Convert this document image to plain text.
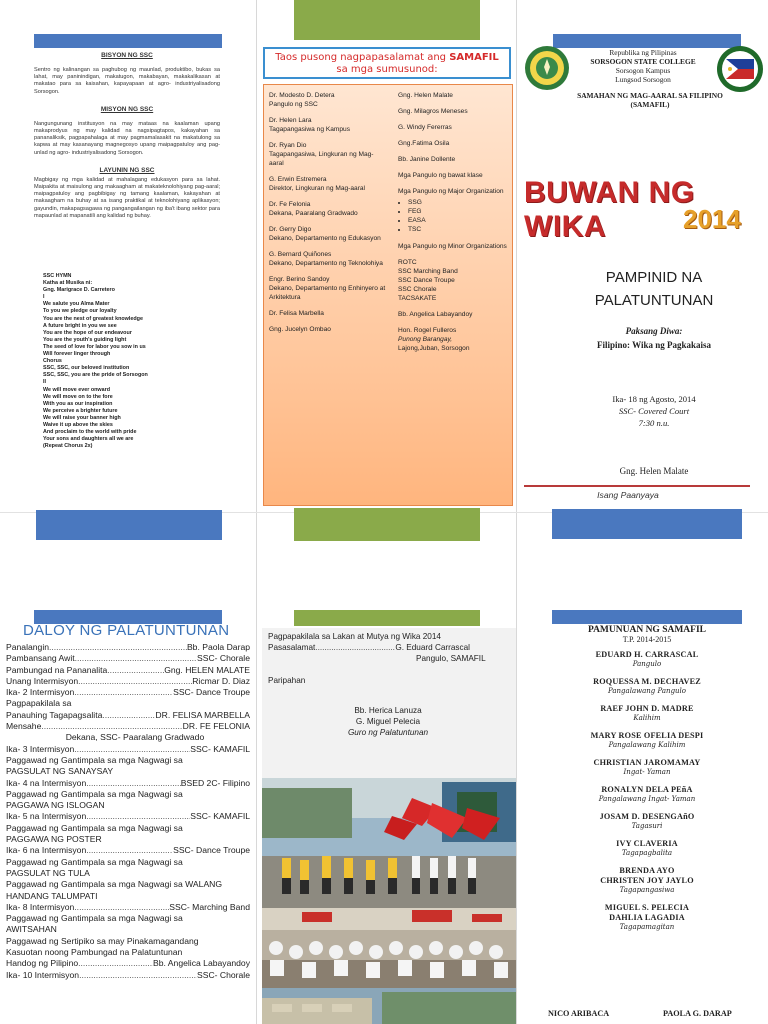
BISYON NG SSC
Sentro ng kalinangan sa paghubog ng maunlad, produktibo, bukas sa lahat, may paninindigan, makatugon, makabayan, makakalikasan at makatao para sa kaisahan, kapayapaan at agro- industriyalisadong Sorsogon.
MISYON NG SSC
Nangungunang institusyon na may mataas na kaalaman upang makaprodyus ng may kalidad na nagsipagtapos, kakayahan sa pananaliksik, pagpapahalaga at may pagmamalasakit na makatulong sa kapwa at may kasanayang magnegosyo upang maipagpatuloy ang pag- unlad ng agro- industriyalisadong Sorsogon.
LAYUNIN NG SSC
Magbigay ng mga kalidad at mahalagang edukasyon para sa lahat. Maipakita at maisulong ang makaagham at makateknolohiyang pag-aaral; maipagpatuloy ang pagbibigay ng tamang kaalaman, kakayahan at makaagham na buhay at sa isang praktikal at teknolohiyang aplikasyon; gayundin, makapagsagawa ng pangangailangan ng iba't ibang sektor para mapaunlad at mapanatili ang kalidad ng buhay.
SSC HYMN
Katha at Musika ni:
Gng. Marigrace D. Carretero
I
We salute you Alma Mater
To you we pledge our loyalty
You are the nest of greatest knowledge
A future bright in you we see
You are the hope of our endeavour
You are the youth's guiding light
The seed of love for labor you sow in us
Will forever linger through
Chorus
SSC, SSC, our beloved institution
SSC, SSC, you are the pride of Sorsogon
II
We will move ever onward
We will move on to the fore
With you as our inspiration
We perceive a brighter future
We will raise your banner high
Waive it up above the skies
And proclaim to the world with pride
Your sons and daughters all we are
(Repeat Chorus 2x)
Taos pusong nagpapasalamat ang SAMAFIL
sa mga sumusunod:
Dr. Modesto D. Detera
Pangulo ng SSC
Dr. Helen Lara
Tagapangasiwa ng Kampus
Dr. Ryan Dio
Tagapangasiwa, Lingkuran ng Mag-aaral
G. Erwin Estremera
Direktor, Lingkuran ng Mag-aaral
Dr. Fe Felonia
Dekana, Paaralang Gradwado
Dr. Gerry Digo
Dekano, Departamento ng Edukasyon
G. Bernard Quiñones
Dekano, Departamento ng Teknolohiya
Engr. Berino Sandoy
Dekano, Departamento ng Enhinyero at Arkitektura
Dr. Felisa Marbella
Gng. Jucelyn Ombao
Gng. Helen Malate
Gng. Milagros Meneses
G. Windy Fererras
Gng.Fatima Osila
Bb. Janine Dollente
Mga Pangulo ng bawat klase
Mga Pangulo ng Major Organization
• SSG
• FEG
• EASA
• TSC
Mga Pangulo ng Minor Organizations
ROTC
SSC Marching Band
SSC Dance Troupe
SSC Chorale
TACSAKATE
Bb. Angelica Labayandoy
Hon. Rogel Fulleros
Punong Barangay,
Lajong,Juban, Sorsogon
Republika ng Pilipinas
SORSOGON STATE COLLEGE
Sorsogon Kampus
Lungsod Sorsogon
SAMAHAN NG MAG-AARAL SA FILIPINO
(SAMAFIL)
BUWAN NG WIKA	2014
PAMPINID NA
PALATUNTUNAN
Paksang Diwa:
Filipino: Wika ng Pagkakaisa
Ika- 18 ng Agosto, 2014
SSC- Covered Court
7:30 n.u.
Gng. Helen Malate
Isang Paanyaya
DALOY NG PALATUNTUNAN
Panalangin .....	Bb. Paola Darap
Pambansang Awit .....	SSC- Chorale
Pambungad na Pananalita .....	Gng. HELEN MALATE
Unang Intermisyon .....	Ricmar D. Diaz
Ika- 2 Intermisyon .....	SSC- Dance Troupe
Pagpapakilala sa
Panauhing Tagapagsalita .....	DR. FELISA MARBELLA
Mensahe .....	DR. FE FELONIA
Dekana, SSC- Paaralang Gradwado
Ika- 3 Intermisyon .....	SSC- KAMAFIL
Paggawad ng Gantimpala sa mga Nagwagi sa
PAGSULAT NG SANAYSAY
Ika- 4 na Intermisyon .....	BSED 2C- Filipino
Paggawad ng Gantimpala sa mga Nagwagi sa
PAGGAWA NG ISLOGAN
Ika- 5 na Intermisyon .....	SSC- KAMAFIL
Paggawad ng Gantimpala sa mga Nagwagi sa
PAGGAWA NG POSTER
Ika- 6 na Intermisyon .....	SSC- Dance Troupe
Paggawad ng Gantimpala sa mga Nagwagi sa
PAGSULAT NG TULA
Paggawad ng Gantimpala sa mga Nagwagi sa WALANG
HANDANG TALUMPATI
Ika- 8 Intermisyon .....	SSC- Marching Band
Paggawad ng Gantimpala sa mga Nagwagi sa
AWITSAHAN
Paggawad ng Sertipiko sa may Pinakamagandang
Kasuotan noong Pambungad na Palatuntunan
Handog ng Pilipino .....	Bb. Angelica Labayandoy
Ika- 10 Intermisyon .....	SSC- Chorale
Pagpapakilala sa Lakan at Mutya ng Wika 2014
Pasasalamat .....	G. Eduard Carrascal
Pangulo, SAMAFIL
Paripahan
Bb. Herica Lanuza
G. Miguel Pelecia
Guro ng Palatuntunan
PAMUNUAN NG SAMAFIL
T.P. 2014-2015
EDUARD H. CARRASCAL
Pangulo
ROQUESSA M. DECHAVEZ
Pangalawang Pangulo
RAEF JOHN D. MADRE
Kalihim
MARY ROSE OFELIA DESPI
Pangalawang Kalihim
CHRISTIAN JAROMAMAY
Ingat- Yaman
RONALYN DELA PEñA
Pangalawang Ingat- Yaman
JOSAM D. DESENGAñO
Tagasuri
IVY CLAVERIA
Tagapagbalita
BRENDA AYO
CHRISTEN JOY JAYLO
Tagapangasiwa
MIGUEL S. PELECIA
DAHLIA LAGADIA
Tagapamagitan
NICO ARIBACA	PAOLA G. DARAP
